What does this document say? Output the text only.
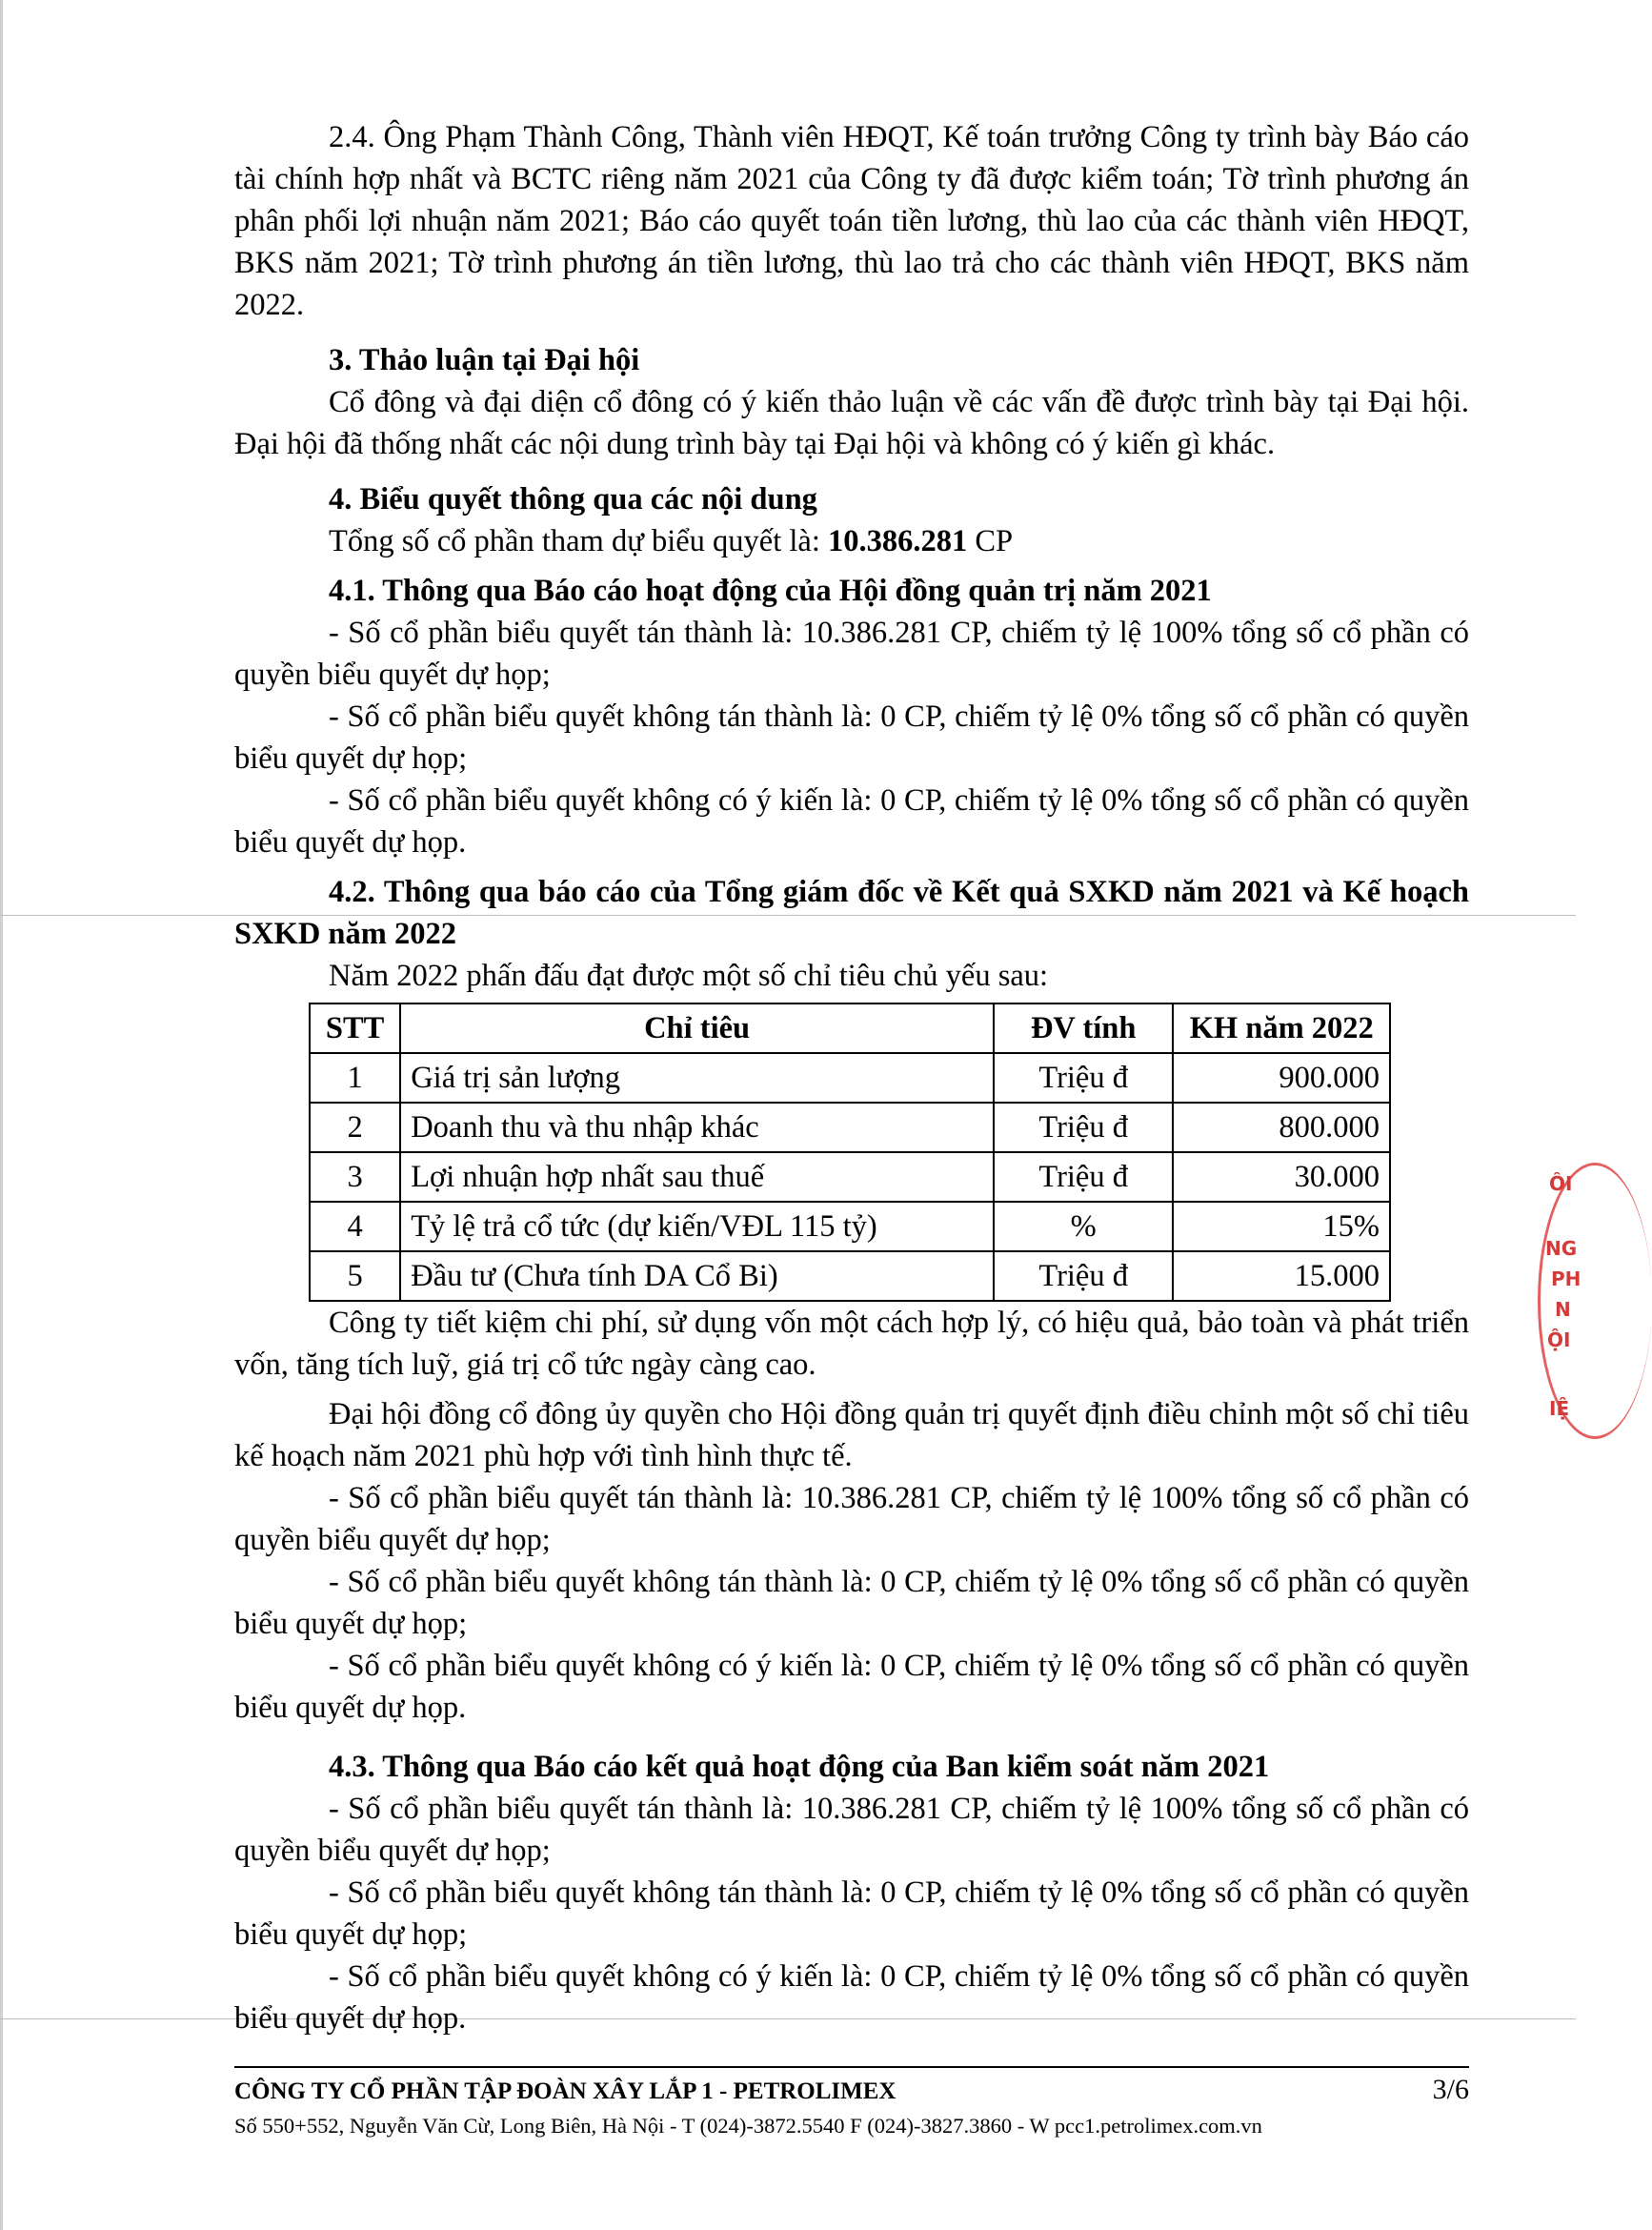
2.4. Ông Phạm Thành Công, Thành viên HĐQT, Kế toán trưởng Công ty trình bày Báo cáo tài chính hợp nhất và BCTC riêng năm 2021 của Công ty đã được kiểm toán; Tờ trình phương án phân phối lợi nhuận năm 2021; Báo cáo quyết toán tiền lương, thù lao của các thành viên HĐQT, BKS năm 2021; Tờ trình phương án tiền lương, thù lao trả cho các thành viên HĐQT, BKS năm 2022.

3. Thảo luận tại Đại hội

Cổ đông và đại diện cổ đông có ý kiến thảo luận về các vấn đề được trình bày tại Đại hội. Đại hội đã thống nhất các nội dung trình bày tại Đại hội và không có ý kiến gì khác.

4. Biểu quyết thông qua các nội dung

Tổng số cổ phần tham dự biểu quyết là: 10.386.281 CP

4.1. Thông qua Báo cáo hoạt động của Hội đồng quản trị năm 2021

- Số cổ phần biểu quyết tán thành là: 10.386.281 CP, chiếm tỷ lệ 100% tổng số cổ phần có quyền biểu quyết dự họp;

- Số cổ phần biểu quyết không tán thành là: 0 CP, chiếm tỷ lệ 0% tổng số cổ phần có quyền biểu quyết dự họp;

- Số cổ phần biểu quyết không có ý kiến là: 0 CP, chiếm tỷ lệ 0% tổng số cổ phần có quyền biểu quyết dự họp.

4.2. Thông qua báo cáo của Tổng giám đốc về Kết quả SXKD năm 2021 và Kế hoạch SXKD năm 2022

Năm 2022 phấn đấu đạt được một số chỉ tiêu chủ yếu sau:

STT	Chỉ tiêu	ĐV tính	KH năm 2022
1	Giá trị sản lượng	Triệu đ	900.000
2	Doanh thu và thu nhập khác	Triệu đ	800.000
3	Lợi nhuận hợp nhất sau thuế	Triệu đ	30.000
4	Tỷ lệ trả cổ tức (dự kiến/VĐL 115 tỷ)	%	15%
5	Đầu tư (Chưa tính DA Cổ Bi)	Triệu đ	15.000

Công ty tiết kiệm chi phí, sử dụng vốn một cách hợp lý, có hiệu quả, bảo toàn và phát triển vốn, tăng tích luỹ, giá trị cổ tức ngày càng cao.

Đại hội đồng cổ đông ủy quyền cho Hội đồng quản trị quyết định điều chỉnh một số chỉ tiêu kế hoạch năm 2021 phù hợp với tình hình thực tế.

- Số cổ phần biểu quyết tán thành là: 10.386.281 CP, chiếm tỷ lệ 100% tổng số cổ phần có quyền biểu quyết dự họp;

- Số cổ phần biểu quyết không tán thành là: 0 CP, chiếm tỷ lệ 0% tổng số cổ phần có quyền biểu quyết dự họp;

- Số cổ phần biểu quyết không có ý kiến là: 0 CP, chiếm tỷ lệ 0% tổng số cổ phần có quyền biểu quyết dự họp.

4.3. Thông qua Báo cáo kết quả hoạt động của Ban kiểm soát năm 2021

- Số cổ phần biểu quyết tán thành là: 10.386.281 CP, chiếm tỷ lệ 100% tổng số cổ phần có quyền biểu quyết dự họp;

- Số cổ phần biểu quyết không tán thành là: 0 CP, chiếm tỷ lệ 0% tổng số cổ phần có quyền biểu quyết dự họp;

- Số cổ phần biểu quyết không có ý kiến là: 0 CP, chiếm tỷ lệ 0% tổng số cổ phần có quyền biểu quyết dự họp.

CÔNG TY CỔ PHẦN TẬP ĐOÀN XÂY LẮP 1 - PETROLIMEX	3/6
Số 550+552, Nguyễn Văn Cừ, Long Biên, Hà Nội - T (024)-3872.5540 F (024)-3827.3860 - W pcc1.petrolimex.com.vn
ÔI
NG
PH
N
ỘI
IỆ
